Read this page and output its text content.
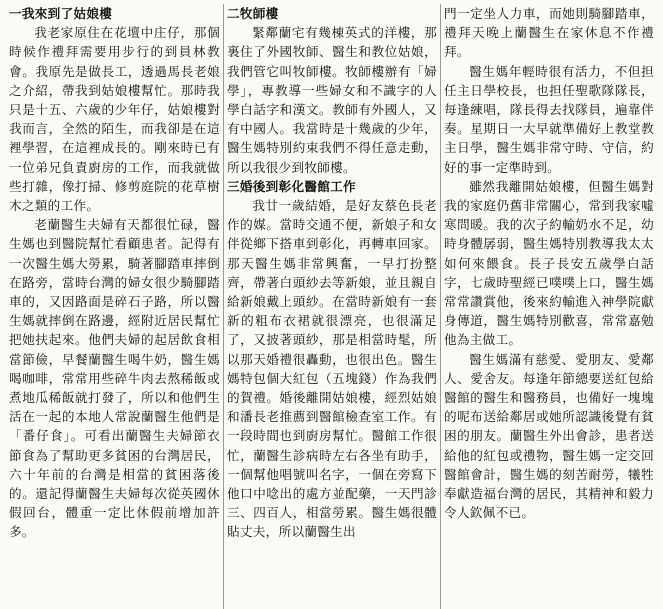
一我來到了姑娘樓

我老家原住在花壇中庄仔，那個時候作禮拜需要用步行的到員林教會。我原先是做長工，透過馬長老娘之介紹，帶我到姑娘樓幫忙。那時我只是十五、六歲的少年仔，姑娘樓對我而言，全然的陌生，而我卻是在這裡學習，在這裡成長的。剛來時已有一位弟兄負責廚房的工作，而我就做些打雜，像打掃、修剪庭院的花草樹木之類的工作。

老蘭醫生夫婦有天都很忙碌，醫生媽也到醫院幫忙看顧患者。記得有一次醫生媽大勞累，騎著腳踏車摔倒在路旁，當時台灣的婦女很少騎腳踏車的，又因路面是碎石子路，所以醫生媽就摔倒在路邊，經附近居民幫忙把她扶起來。他們夫婦的起居飲食相當節儉，早餐蘭醫生喝牛奶，醫生媽喝咖啡，常常用些碎牛肉去熬稀飯或煮地瓜稀飯就打發了，所以和他們生活在一起的本地人常說蘭醫生他們是「番仔食」。可看出蘭醫生夫婦節衣節食為了幫助更多貧困的台灣居民，六十年前的台灣是相當的貧困落後的。還記得蘭醫生夫婦每次從英國休假回台，體重一定比休假前增加許多。

二牧師樓

緊鄰蘭宅有幾棟英式的洋樓，那裏住了外國牧師、醫生和教位姑娘，我們管它叫牧師樓。牧師樓辦有「婦學」，專教導一些婦女和不識字的人學白話字和漢文。教師有外國人，又有中國人。我當時是十幾歲的少年，醫生媽特別約束我們不得任意走動，所以我很少到牧師樓。

三婚後到彰化醫館工作

我廿一歲結婚，是好友蔡色長老作的媒。當時交通不便，新娘子和女伴從鄉下搭車到彰化，再轉車回家。那天醫生媽非常興奮，一早打扮整齊，帶著白頭紗去等新娘，並且親自給新娘戴上頭紗。在當時新娘有一套新的粗布衣裙就很漂亮，也很滿足了，又披著頭紗，那是相當時髦，所以那天婚禮很轟動，也很出色。醫生媽特包個大紅包（五塊錢）作為我們的賀禮。婚後離開姑娘樓，經烈姑娘和潘長老推薦到醫館檢查室工作。有一段時間也到廚房幫忙。醫館工作很忙，蘭醫生診病時左右各坐有助手，一個幫他唱號叫名字，一個在旁寫下他口中唸出的處方並配藥，一天門診三、四百人，相當勞累。醫生媽很體貼丈夫，所以蘭醫生出

門一定坐人力車，而她則騎腳踏車，禮拜天晚上蘭醫生在家休息不作禮拜。

醫生媽年輕時很有活力，不但担任主日學校長，也担任聖歌隊隊長，每逢練唱，隊長得去找隊員，遍靠伴奏。星期日一大早就準備好上教堂教主日學，醫生媽非常守時、守信，約好的事一定準時到。

雖然我離開姑娘樓，但醫生媽對我的家庭仍舊非常關心，常到我家噓寒問暖。我的次子約輸奶水不足，幼時身體孱弱，醫生媽特別教導我太太如何來餵食。長子長安五歲學白話字，七歲時聖經已噗噗上口，醫生媽常常讚賞他，後來約輸進入神學院獻身傳道，醫生媽特別歡喜，常常嘉勉他為主做工。

醫生媽滿有慈愛、愛朋友、愛鄰人、愛舍友。每逢年節總要送紅包給醫館的醫生和醫務員，也備好一塊塊的呢布送給鄰居或她所認識後覺有貧困的朋友。蘭醫生外出會診，患者送給他的紅包或禮物，醫生媽一定交回醫館會計，醫生媽的刻苦耐勞，犧牲奉獻造福台灣的居民，其精神和毅力令人欽佩不已。
